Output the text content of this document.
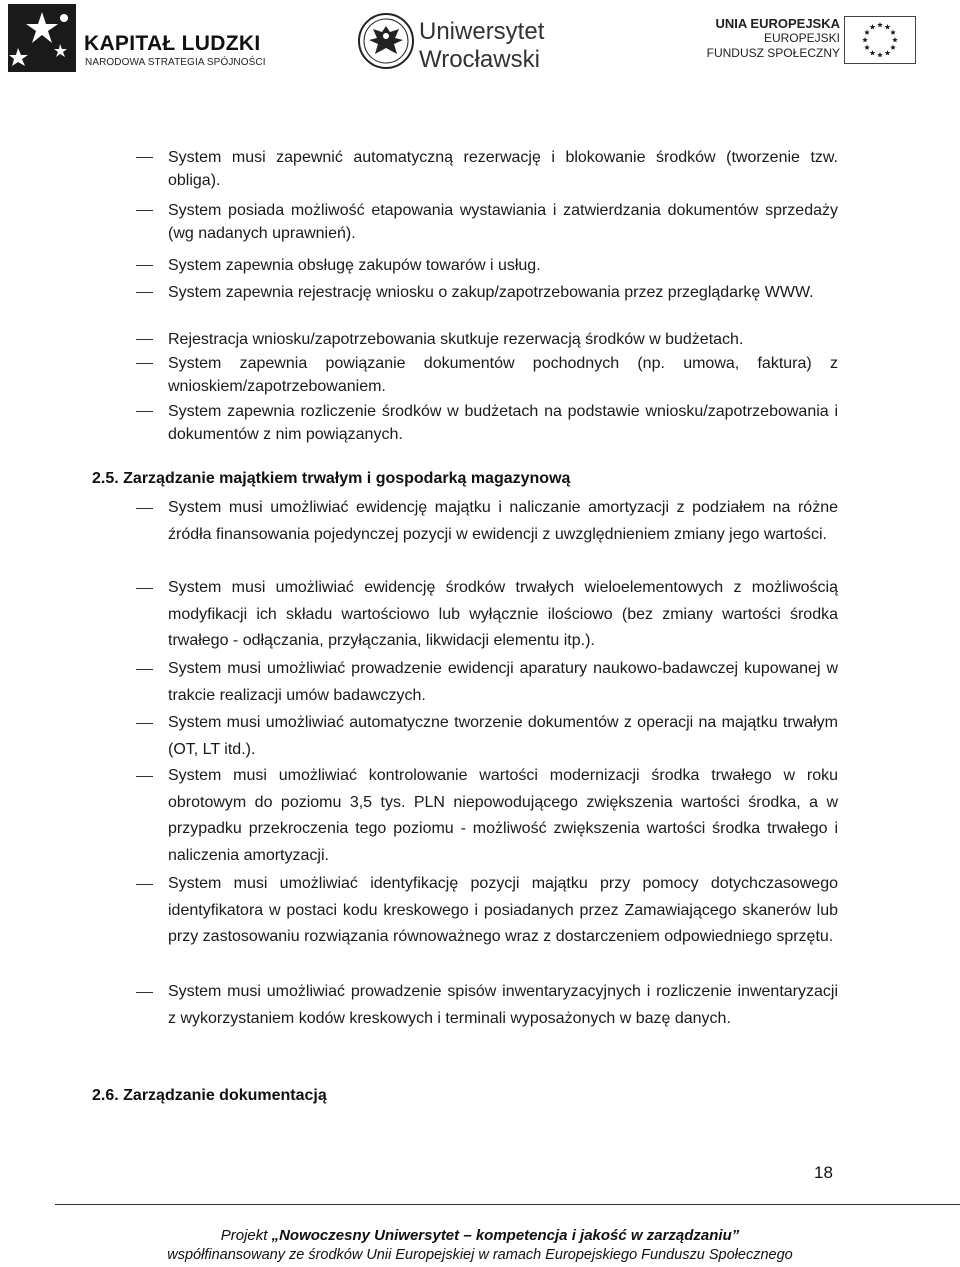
KAPITAŁ LUDZKI
NARODOWA STRATEGIA SPÓJNOŚCI
Uniwersytet
Wrocławski
UNIA EUROPEJSKA
EUROPEJSKI
FUNDUSZ SPOŁECZNY
System musi zapewnić automatyczną rezerwację i blokowanie środków (tworzenie tzw. obliga).
System posiada możliwość etapowania wystawiania i zatwierdzania dokumentów sprzedaży (wg nadanych uprawnień).
System zapewnia obsługę zakupów towarów i usług.
System zapewnia rejestrację wniosku o zakup/zapotrzebowania przez przeglądarkę WWW.
Rejestracja wniosku/zapotrzebowania skutkuje rezerwacją środków w budżetach.
System zapewnia powiązanie dokumentów pochodnych (np. umowa, faktura) z wnioskiem/zapotrzebowaniem.
System zapewnia rozliczenie środków w budżetach na podstawie wniosku/zapotrzebowania i dokumentów z nim powiązanych.
2.5. Zarządzanie majątkiem trwałym i gospodarką magazynową
System musi umożliwiać ewidencję majątku i naliczanie amortyzacji z podziałem na różne źródła finansowania pojedynczej pozycji w ewidencji z uwzględnieniem zmiany jego wartości.
System musi umożliwiać ewidencję środków trwałych wieloelementowych z możliwością modyfikacji ich składu wartościowo lub wyłącznie ilościowo (bez zmiany wartości środka trwałego - odłączania, przyłączania, likwidacji elementu itp.).
System musi umożliwiać prowadzenie ewidencji aparatury naukowo-badawczej kupowanej w trakcie realizacji umów badawczych.
System musi umożliwiać automatyczne tworzenie dokumentów z operacji na majątku trwałym (OT, LT itd.).
System musi umożliwiać kontrolowanie wartości modernizacji środka trwałego w roku obrotowym do poziomu 3,5 tys. PLN niepowodującego zwiększenia wartości środka, a w przypadku przekroczenia tego poziomu - możliwość zwiększenia wartości środka trwałego i naliczenia amortyzacji.
System musi umożliwiać identyfikację pozycji majątku przy pomocy dotychczasowego identyfikatora w postaci kodu kreskowego i posiadanych przez Zamawiającego skanerów lub przy zastosowaniu rozwiązania równoważnego wraz z dostarczeniem odpowiedniego sprzętu.
System musi umożliwiać prowadzenie spisów inwentaryzacyjnych i rozliczenie inwentaryzacji z wykorzystaniem kodów kreskowych i terminali wyposażonych w bazę danych.
2.6. Zarządzanie dokumentacją
18
Projekt „Nowoczesny Uniwersytet – kompetencja i jakość w zarządzaniu”
współfinansowany ze środków Unii Europejskiej w ramach Europejskiego Funduszu Społecznego
